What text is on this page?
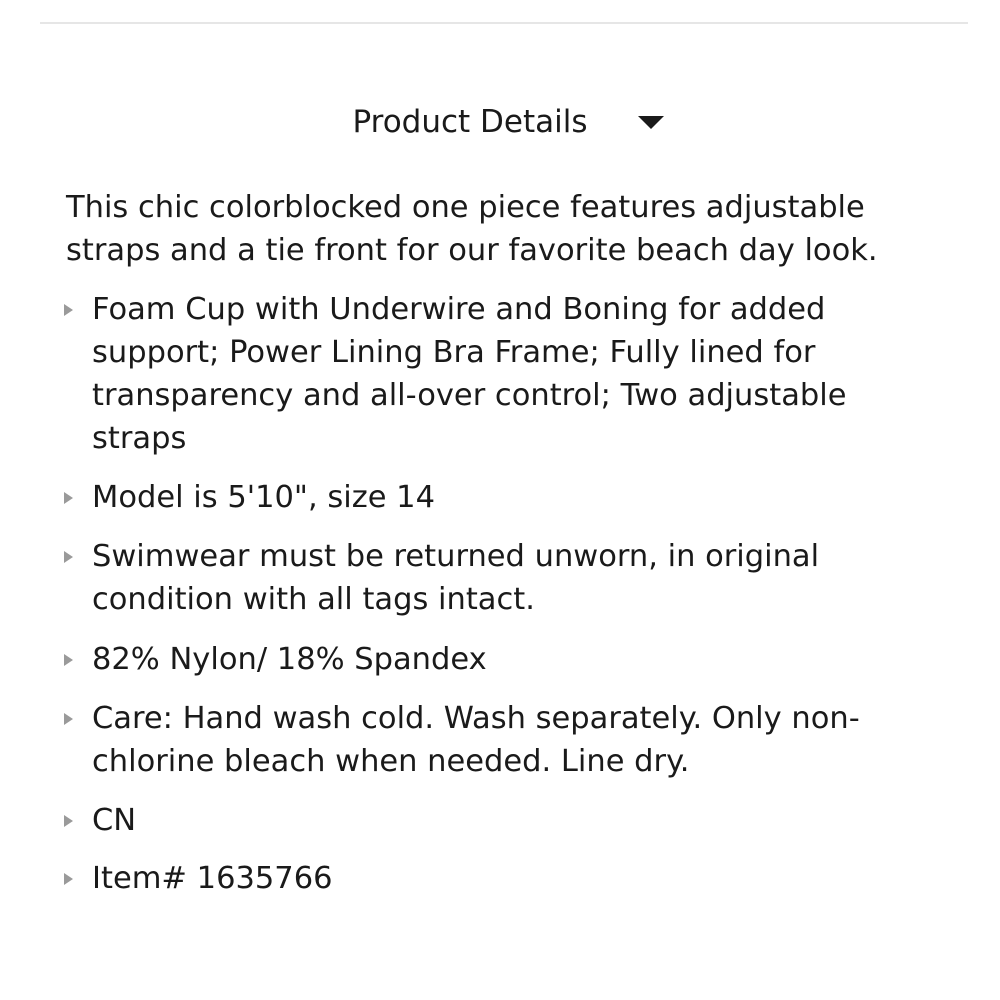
Product Details

This chic colorblocked one piece features adjustable straps and a tie front for our favorite beach day look.

Foam Cup with Underwire and Boning for added support; Power Lining Bra Frame; Fully lined for transparency and all-over control; Two adjustable straps
Model is 5'10", size 14
Swimwear must be returned unworn, in original condition with all tags intact.
82% Nylon/ 18% Spandex
Care: Hand wash cold. Wash separately. Only non-chlorine bleach when needed. Line dry.
CN
Item# 1635766
